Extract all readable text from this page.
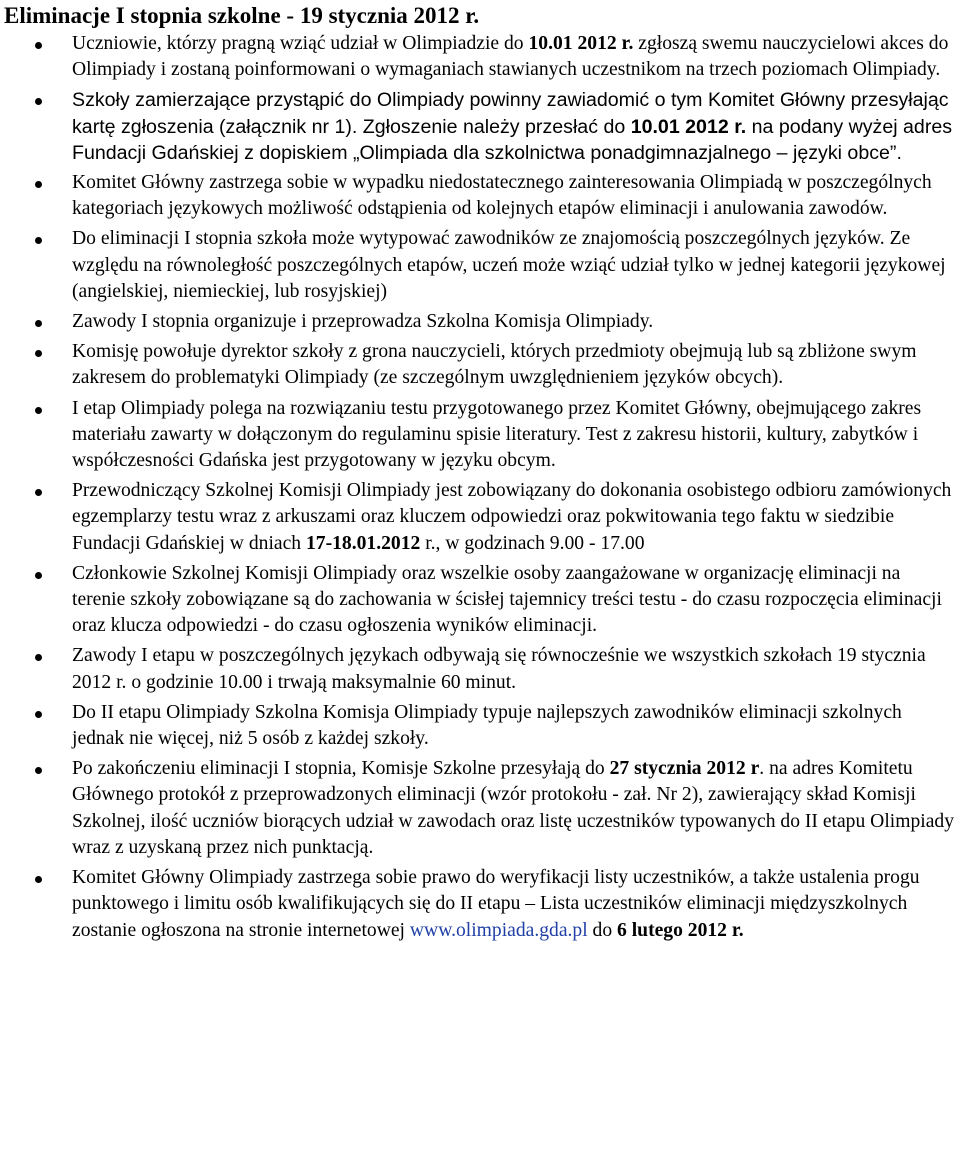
Eliminacje I stopnia szkolne - 19 stycznia 2012 r.
Uczniowie, którzy pragną wziąć udział w Olimpiadzie do 10.01 2012 r. zgłoszą swemu nauczycielowi akces do Olimpiady i zostaną poinformowani o wymaganiach stawianych uczestnikom na trzech poziomach Olimpiady.
Szkoły zamierzające przystąpić do Olimpiady powinny zawiadomić o tym Komitet Główny przesyłając kartę zgłoszenia (załącznik nr 1). Zgłoszenie należy przesłać do 10.01 2012 r. na podany wyżej adres Fundacji Gdańskiej z dopiskiem „Olimpiada dla szkolnictwa ponadgimnazjalnego – języki obce”.
Komitet Główny zastrzega sobie w wypadku niedostatecznego zainteresowania Olimpiadą w poszczególnych kategoriach językowych możliwość odstąpienia od kolejnych etapów eliminacji i anulowania zawodów.
Do eliminacji I stopnia szkoła może wytypować zawodników ze znajomością poszczególnych języków. Ze względu na równoległość poszczególnych etapów, uczeń może wziąć udział tylko w jednej kategorii językowej (angielskiej, niemieckiej, lub rosyjskiej)
Zawody I stopnia organizuje i przeprowadza Szkolna Komisja Olimpiady.
Komisję powołuje dyrektor szkoły z grona nauczycieli, których przedmioty obejmują lub są zbliżone swym zakresem do problematyki Olimpiady (ze szczególnym uwzględnieniem języków obcych).
I etap Olimpiady polega na rozwiązaniu testu przygotowanego przez Komitet Główny, obejmującego zakres materiału zawarty w dołączonym do regulaminu spisie literatury. Test z zakresu historii, kultury, zabytków i współczesności Gdańska jest przygotowany w języku obcym.
Przewodniczący Szkolnej Komisji Olimpiady jest zobowiązany do dokonania osobistego odbioru zamówionych egzemplarzy testu wraz z arkuszami oraz kluczem odpowiedzi oraz pokwitowania tego faktu w siedzibie Fundacji Gdańskiej w dniach 17-18.01.2012 r., w godzinach 9.00 - 17.00
Członkowie Szkolnej Komisji Olimpiady oraz wszelkie osoby zaangażowane w organizację eliminacji na terenie szkoły zobowiązane są do zachowania w ścisłej tajemnicy treści testu - do czasu rozpoczęcia eliminacji oraz klucza odpowiedzi - do czasu ogłoszenia wyników eliminacji.
Zawody I etapu w poszczególnych językach odbywają się równocześnie we wszystkich szkołach 19 stycznia 2012 r. o godzinie 10.00 i trwają maksymalnie 60 minut.
Do II etapu Olimpiady Szkolna Komisja Olimpiady typuje najlepszych zawodników eliminacji szkolnych jednak nie więcej, niż 5 osób z każdej szkoły.
Po zakończeniu eliminacji I stopnia, Komisje Szkolne przesyłają do 27 stycznia 2012 r. na adres Komitetu Głównego protokół z przeprowadzonych eliminacji (wzór protokołu - zał. Nr 2), zawierający skład Komisji Szkolnej, ilość uczniów biorących udział w zawodach oraz listę uczestników typowanych do II etapu Olimpiady wraz z uzyskaną przez nich punktacją.
Komitet Główny Olimpiady zastrzega sobie prawo do weryfikacji listy uczestników, a także ustalenia progu punktowego i limitu osób kwalifikujących się do II etapu – Lista uczestników eliminacji międzyszkolnych zostanie ogłoszona na stronie internetowej www.olimpiada.gda.pl do 6 lutego 2012 r.
